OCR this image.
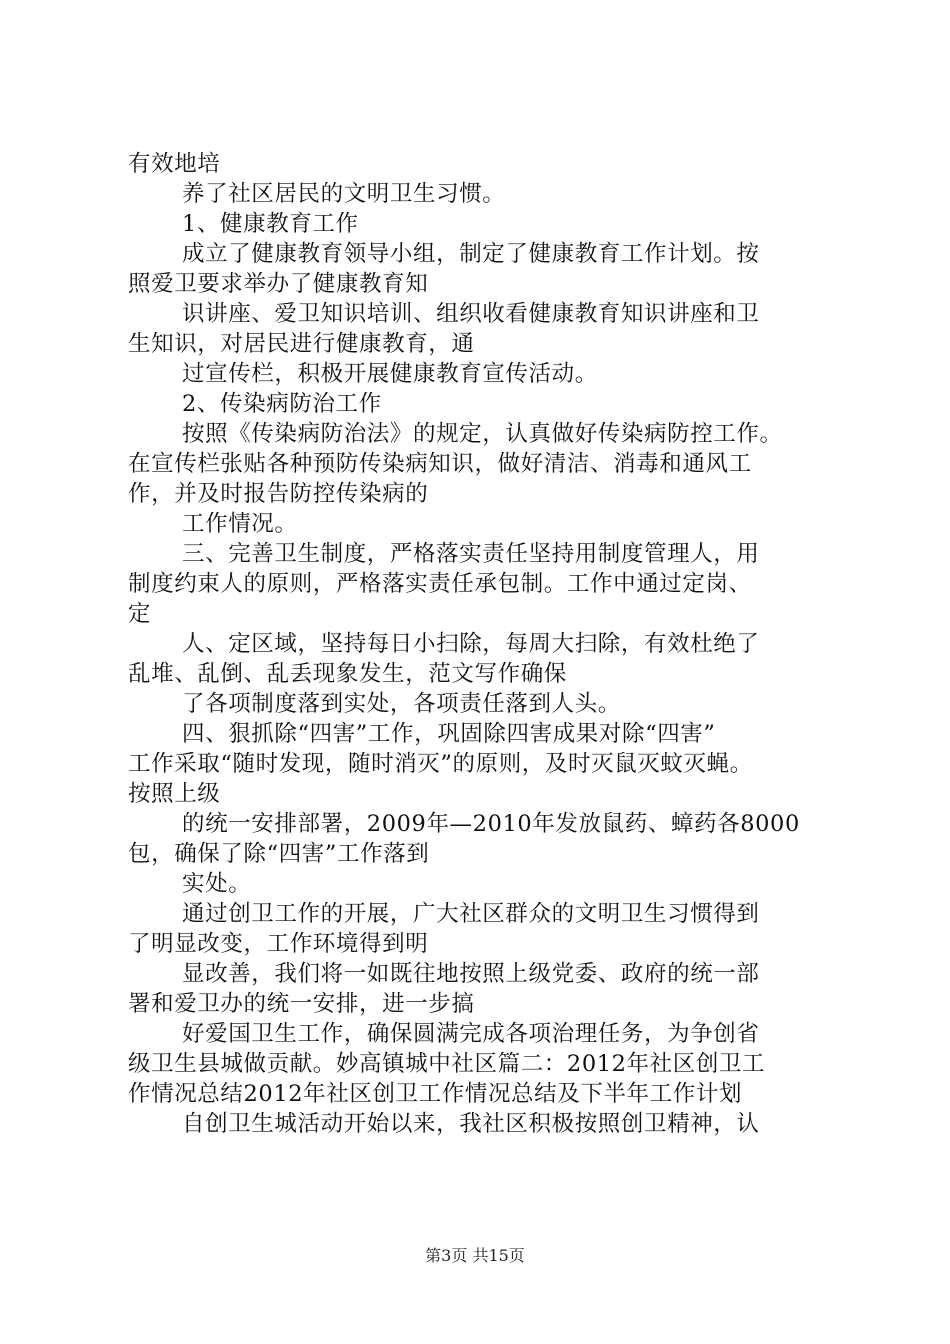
有效地培
养了社区居民的文明卫生习惯。
1、健康教育工作
成立了健康教育领导小组，制定了健康教育工作计划。按
照爱卫要求举办了健康教育知
识讲座、爱卫知识培训、组织收看健康教育知识讲座和卫
生知识，对居民进行健康教育，通
过宣传栏，积极开展健康教育宣传活动。
2、传染病防治工作
按照《传染病防治法》的规定，认真做好传染病防控工作。
在宣传栏张贴各种预防传染病知识，做好清洁、消毒和通风工
作，并及时报告防控传染病的
工作情况。
三、完善卫生制度，严格落实责任坚持用制度管理人，用
制度约束人的原则，严格落实责任承包制。工作中通过定岗、
定
人、定区域，坚持每日小扫除，每周大扫除，有效杜绝了
乱堆、乱倒、乱丢现象发生，范文写作确保
了各项制度落到实处，各项责任落到人头。
四、狠抓除“四害”工作，巩固除四害成果对除“四害”
工作采取“随时发现，随时消灭”的原则，及时灭鼠灭蚊灭蝇。
按照上级
的统一安排部署，2009年—2010年发放鼠药、蟑药各8000
包，确保了除“四害”工作落到
实处。
通过创卫工作的开展，广大社区群众的文明卫生习惯得到
了明显改变，工作环境得到明
显改善，我们将一如既往地按照上级党委、政府的统一部
署和爱卫办的统一安排，进一步搞
好爱国卫生工作，确保圆满完成各项治理任务，为争创省
级卫生县城做贡献。妙高镇城中社区篇二：2012年社区创卫工
作情况总结2012年社区创卫工作情况总结及下半年工作计划
自创卫生城活动开始以来，我社区积极按照创卫精神，认
第3页 共15页
